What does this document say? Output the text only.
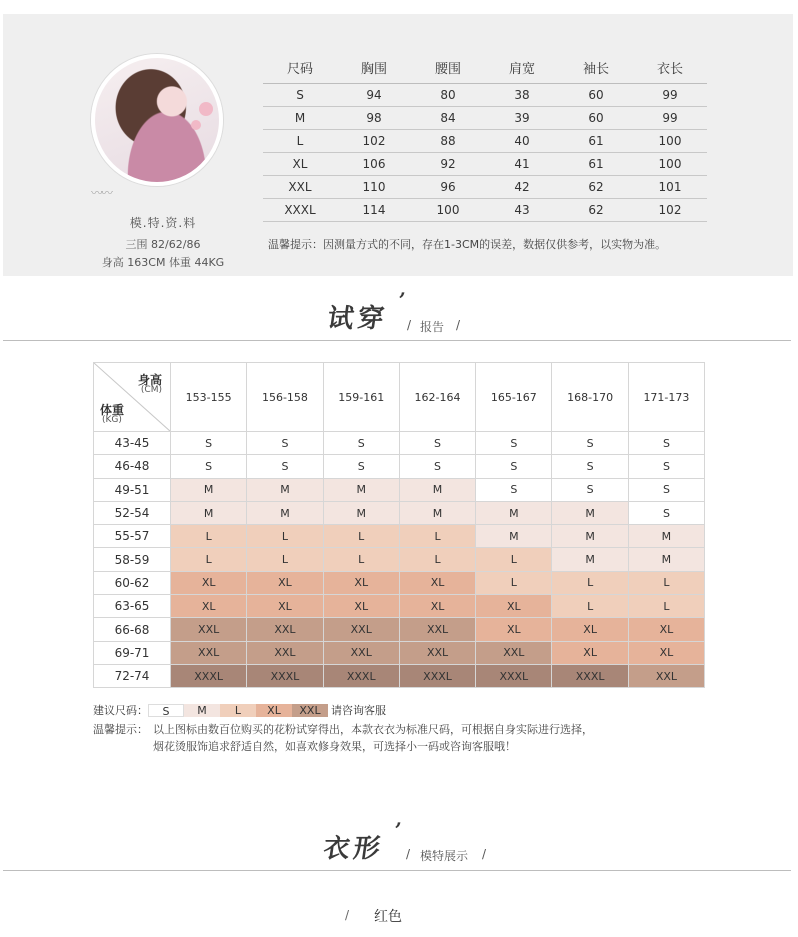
〰〰
模.特.资.料
三围 82/62/86
身高 163CM 体重 44KG
尺码	胸围	腰围	肩宽	袖长	衣长
S	94	80	38	60	99
M	98	84	39	60	99
L	102	88	40	61	100
XL	106	92	41	61	100
XXL	110	96	42	62	101
XXXL	114	100	43	62	102
温馨提示：因测量方式的不同，存在1-3CM的误差，数据仅供参考，以实物为准。
试穿
’
/ 报告 /
身高
(CM)
体重
(KG)	153-155	156-158	159-161	162-164	165-167	168-170	171-173
43-45	S	S	S	S	S	S	S
46-48	S	S	S	S	S	S	S
49-51	M	M	M	M	S	S	S
52-54	M	M	M	M	M	M	S
55-57	L	L	L	L	M	M	M
58-59	L	L	L	L	L	M	M
60-62	XL	XL	XL	XL	L	L	L
63-65	XL	XL	XL	XL	XL	L	L
66-68	XXL	XXL	XXL	XXL	XL	XL	XL
69-71	XXL	XXL	XXL	XXL	XXL	XL	XL
72-74	XXXL	XXXL	XXXL	XXXL	XXXL	XXXL	XXL
建议尺码：	S	M	L	XL	XXL 请咨询客服
温馨提示： 以上图标由数百位购买的花粉试穿得出，本款衣衣为标准尺码，可根据自身实际进行选择，
烟花烫服饰追求舒适自然，如喜欢修身效果，可选择小一码或咨询客服哦！
衣形
’
/ 模特展示 /
/ 红色
